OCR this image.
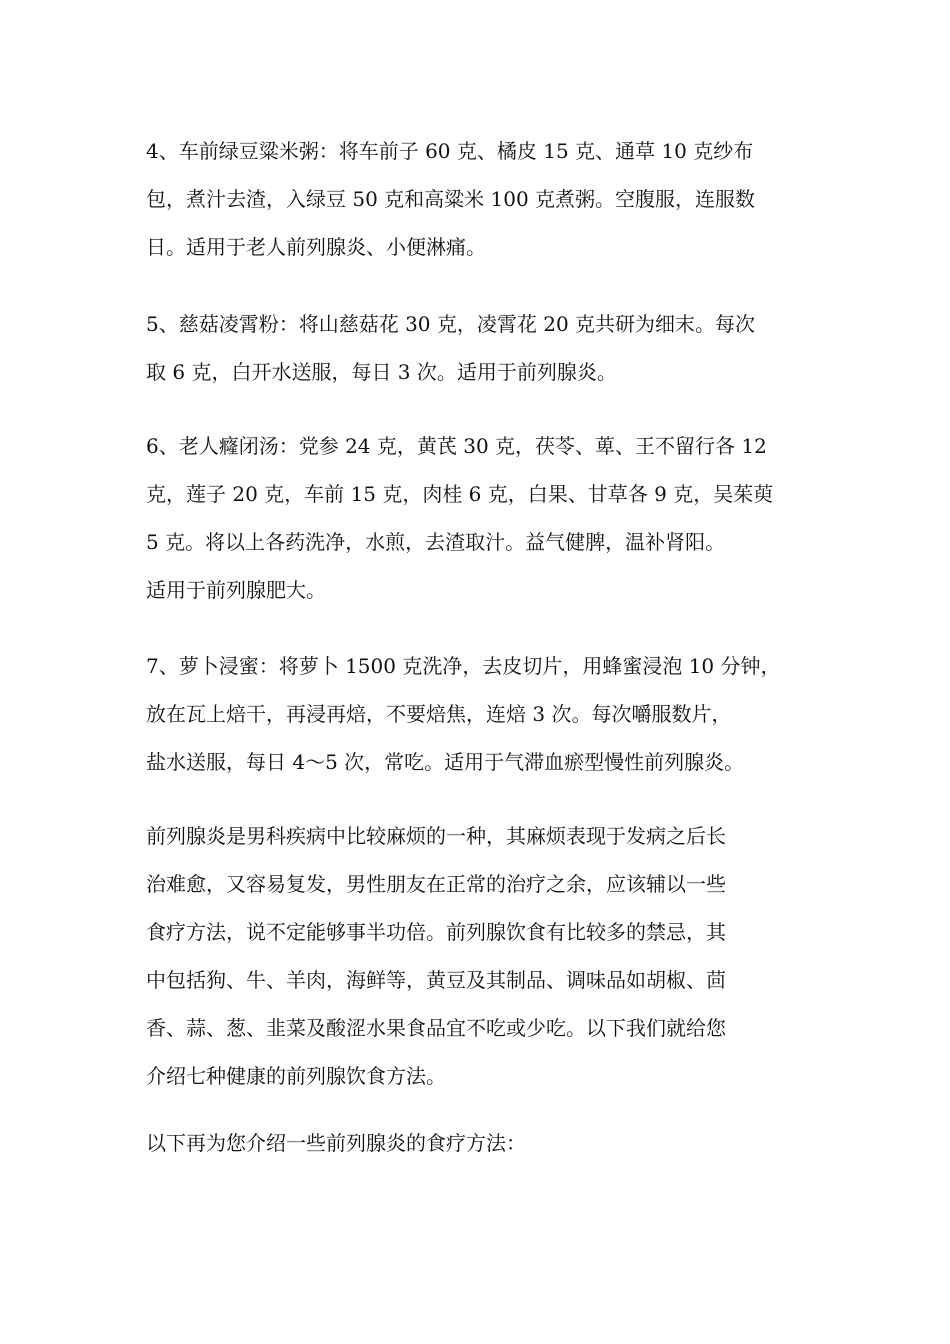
4、车前绿豆粱米粥：将车前子 60 克、橘皮 15 克、通草 10 克纱布
包，煮汁去渣，入绿豆 50 克和高粱米 100 克煮粥。空腹服，连服数
日。适用于老人前列腺炎、小便淋痛。
5、慈菇凌霄粉：将山慈菇花 30 克，凌霄花 20 克共研为细末。每次
取 6 克，白开水送服，每日 3 次。适用于前列腺炎。
6、老人癃闭汤：党参 24 克，黄芪 30 克，茯苓、萆、王不留行各 12
克，莲子 20 克，车前 15 克，肉桂 6 克，白果、甘草各 9 克，吴茱萸
5 克。将以上各药洗净，水煎，去渣取汁。益气健脾，温补肾阳。
适用于前列腺肥大。
7、萝卜浸蜜：将萝卜 1500 克洗净，去皮切片，用蜂蜜浸泡 10 分钟，
放在瓦上焙干，再浸再焙，不要焙焦，连焙 3 次。每次嚼服数片，
盐水送服，每日 4～5 次，常吃。适用于气滞血瘀型慢性前列腺炎。
前列腺炎是男科疾病中比较麻烦的一种，其麻烦表现于发病之后长
治难愈，又容易复发，男性朋友在正常的治疗之余，应该辅以一些
食疗方法，说不定能够事半功倍。前列腺饮食有比较多的禁忌，其
中包括狗、牛、羊肉，海鲜等，黄豆及其制品、调味品如胡椒、茴
香、蒜、葱、韭菜及酸涩水果食品宜不吃或少吃。以下我们就给您
介绍七种健康的前列腺饮食方法。
以下再为您介绍一些前列腺炎的食疗方法：
